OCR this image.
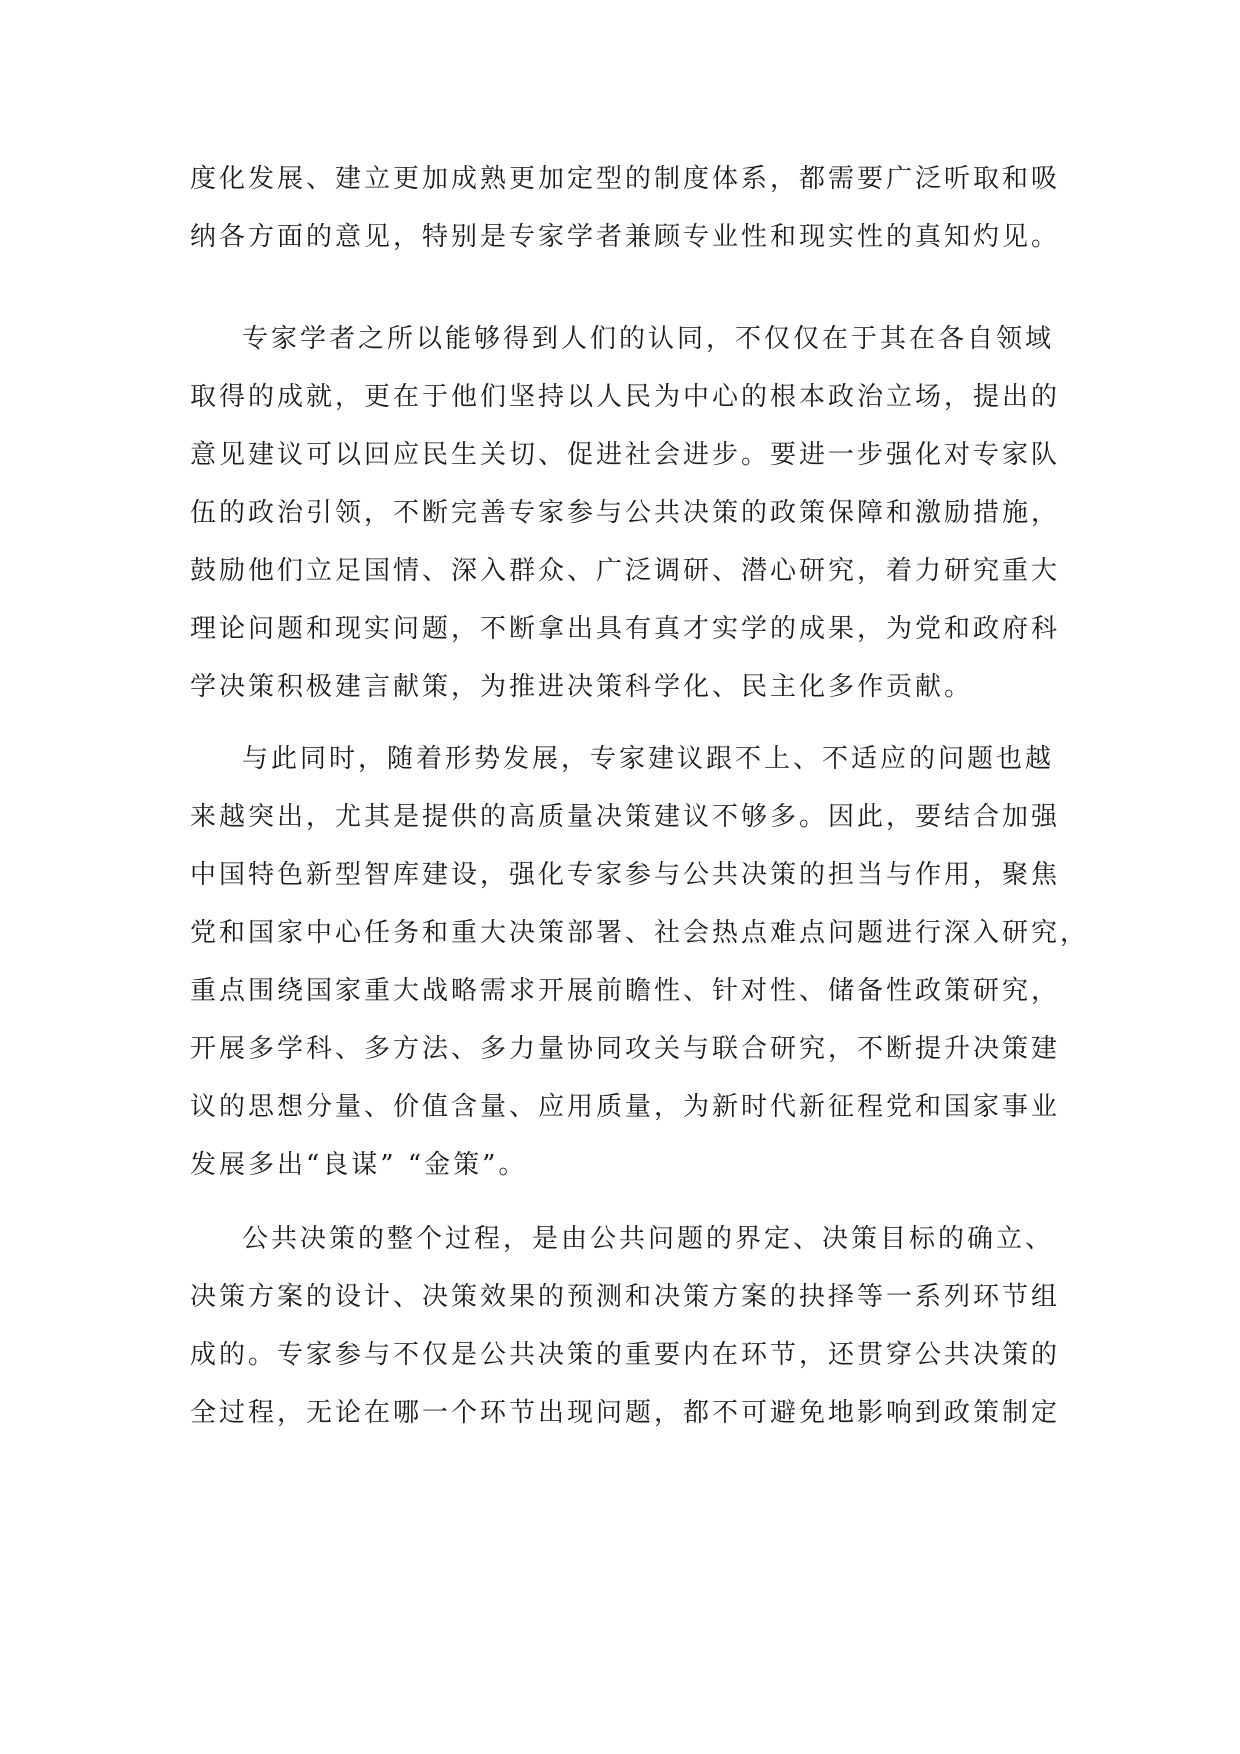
度化发展、建立更加成熟更加定型的制度体系，都需要广泛听取和吸
纳各方面的意见，特别是专家学者兼顾专业性和现实性的真知灼见。
专家学者之所以能够得到人们的认同，不仅仅在于其在各自领域
取得的成就，更在于他们坚持以人民为中心的根本政治立场，提出的
意见建议可以回应民生关切、促进社会进步。要进一步强化对专家队
伍的政治引领，不断完善专家参与公共决策的政策保障和激励措施，
鼓励他们立足国情、深入群众、广泛调研、潜心研究，着力研究重大
理论问题和现实问题，不断拿出具有真才实学的成果，为党和政府科
学决策积极建言献策，为推进决策科学化、民主化多作贡献。
与此同时，随着形势发展，专家建议跟不上、不适应的问题也越
来越突出，尤其是提供的高质量决策建议不够多。因此，要结合加强
中国特色新型智库建设，强化专家参与公共决策的担当与作用，聚焦
党和国家中心任务和重大决策部署、社会热点难点问题进行深入研究，
重点围绕国家重大战略需求开展前瞻性、针对性、储备性政策研究，
开展多学科、多方法、多力量协同攻关与联合研究，不断提升决策建
议的思想分量、价值含量、应用质量，为新时代新征程党和国家事业
发展多出“良谋” “金策”。
公共决策的整个过程，是由公共问题的界定、决策目标的确立、
决策方案的设计、决策效果的预测和决策方案的抉择等一系列环节组
成的。专家参与不仅是公共决策的重要内在环节，还贯穿公共决策的
全过程，无论在哪一个环节出现问题，都不可避免地影响到政策制定
